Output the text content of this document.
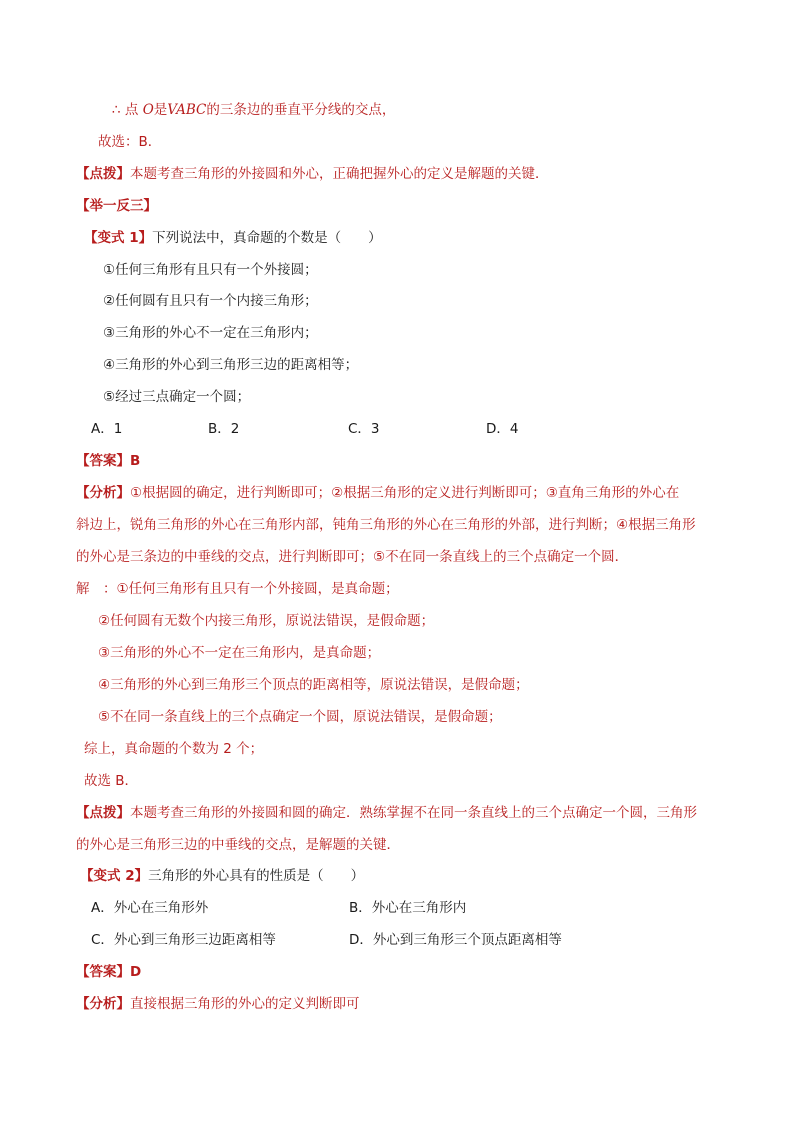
∴ 点 O是VABC的三条边的垂直平分线的交点，
故选：B．
【点拨】本题考查三角形的外接圆和外心，正确把握外心的定义是解题的关键．
【举一反三】
【变式 1】下列说法中，真命题的个数是（　　）
①任何三角形有且只有一个外接圆；
②任何圆有且只有一个内接三角形；
③三角形的外心不一定在三角形内；
④三角形的外心到三角形三边的距离相等；
⑤经过三点确定一个圆；
A．1	B．2	C．3	D．4
【答案】B
【分析】①根据圆的确定，进行判断即可；②根据三角形的定义进行判断即可；③直角三角形的外心在
斜边上，锐角三角形的外心在三角形内部，钝角三角形的外心在三角形的外部，进行判断；④根据三角形
的外心是三条边的中垂线的交点，进行判断即可；⑤不在同一条直线上的三个点确定一个圆．
解　：①任何三角形有且只有一个外接圆，是真命题；
②任何圆有无数个内接三角形，原说法错误，是假命题；
③三角形的外心不一定在三角形内，是真命题；
④三角形的外心到三角形三个顶点的距离相等，原说法错误，是假命题；
⑤不在同一条直线上的三个点确定一个圆，原说法错误，是假命题；
综上，真命题的个数为 2 个；
故选 B．
【点拨】本题考查三角形的外接圆和圆的确定．熟练掌握不在同一条直线上的三个点确定一个圆，三角形
的外心是三角形三边的中垂线的交点，是解题的关键．
【变式 2】三角形的外心具有的性质是（　　）
A．外心在三角形外	B．外心在三角形内
C．外心到三角形三边距离相等	D．外心到三角形三个顶点距离相等
【答案】D
【分析】直接根据三角形的外心的定义判断即可
